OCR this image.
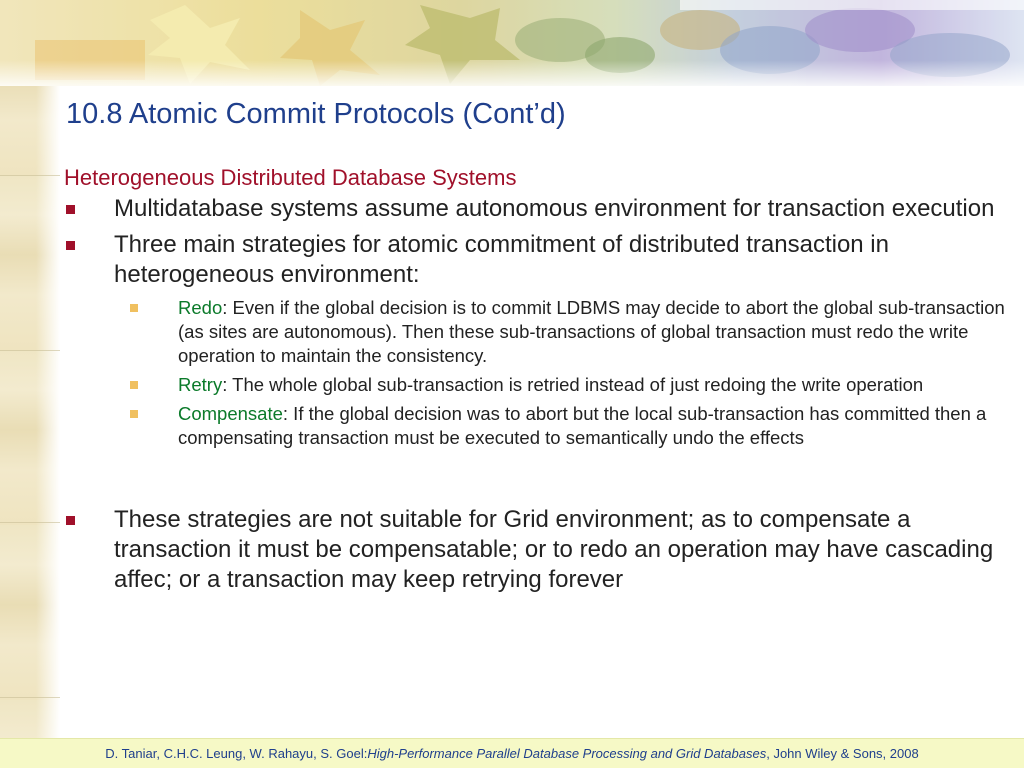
10.8 Atomic Commit Protocols (Cont’d)
Heterogeneous Distributed Database Systems
Multidatabase systems assume autonomous environment for transaction execution
Three main strategies for atomic commitment of distributed transaction in heterogeneous environment:
Redo: Even if the global decision is to commit LDBMS may decide to abort the global sub-transaction (as sites are autonomous). Then these sub-transactions of global transaction must redo the write operation to maintain the consistency.
Retry: The whole global sub-transaction is retried instead of just redoing the write operation
Compensate: If the global decision was to abort but the local sub-transaction has committed then a compensating transaction must be executed to semantically undo the effects
These strategies are not suitable for Grid environment; as to compensate a transaction it must be compensatable; or to redo an operation may have cascading affec; or a transaction may keep retrying forever
D. Taniar, C.H.C. Leung, W. Rahayu, S. Goel: High-Performance Parallel Database Processing and Grid Databases , John Wiley & Sons, 2008
